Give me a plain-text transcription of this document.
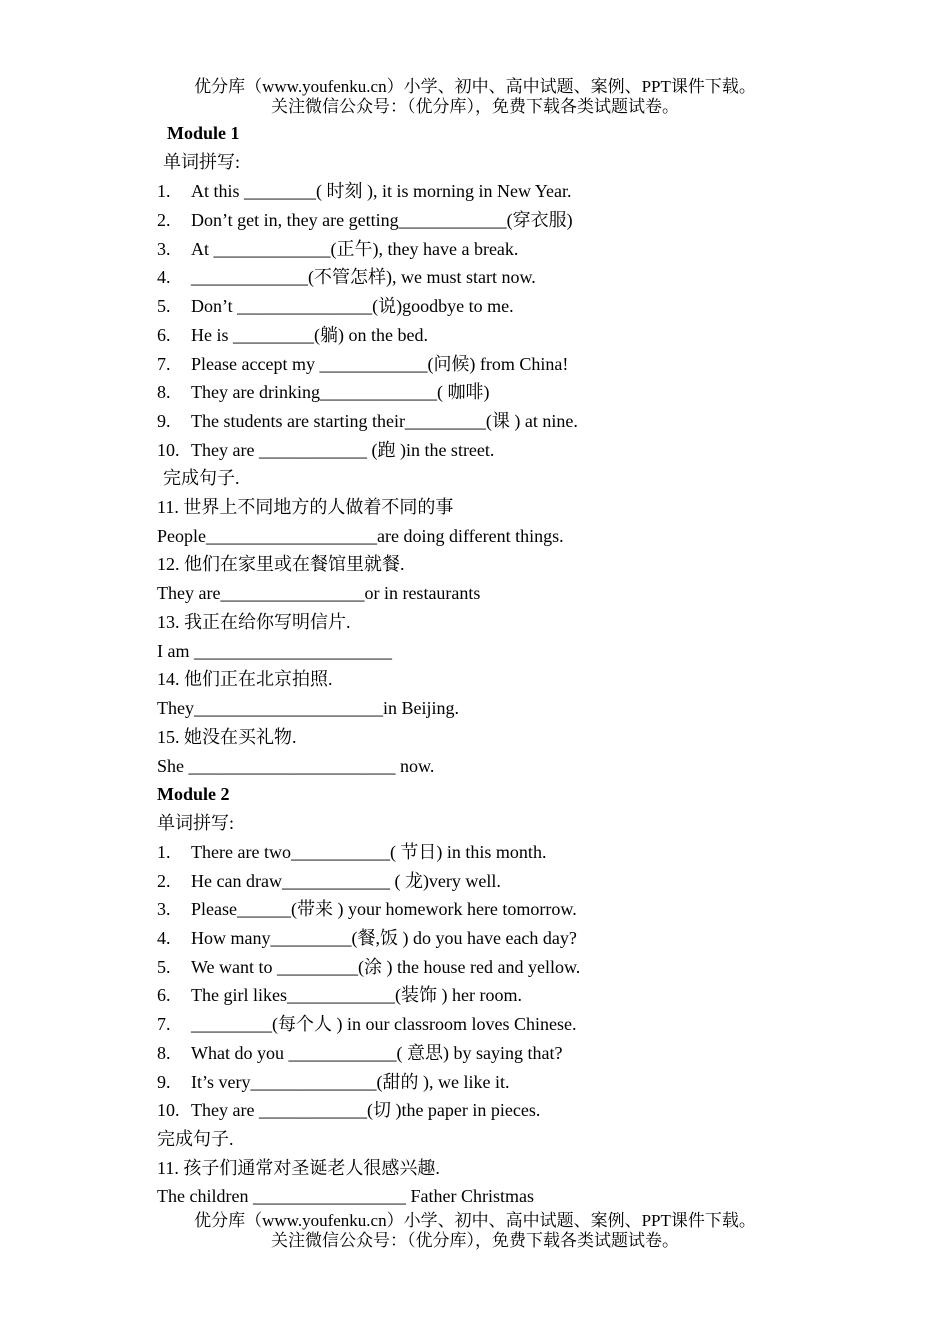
优分库（www.youfenku.cn）小学、初中、高中试题、案例、PPT课件下载。
关注微信公众号：（优分库），免费下载各类试题试卷。
Module 1
单词拼写:
1. At this ________( 时刻 ), it is morning in New Year.
2. Don’t get in, they are getting____________(穿衣服)
3. At _____________(正午), they have a break.
4. _____________(不管怎样), we must start now.
5. Don’t _______________(说)goodbye to me.
6. He is _________(躺) on the bed.
7. Please accept my ____________(问候) from China!
8. They are drinking_____________( 咖啡)
9. The students are starting their_________(课 ) at nine.
10. They are ____________ (跑 )in the street.
完成句子.
11. 世界上不同地方的人做着不同的事
People___________________are doing different things.
12. 他们在家里或在餐馆里就餐.
They are________________or in restaurants
13. 我正在给你写明信片.
I am ______________________
14. 他们正在北京拍照.
They_____________________in Beijing.
15. 她没在买礼物.
She _______________________ now.
Module 2
单词拼写:
1. There are two___________( 节日) in this month.
2. He can draw____________ ( 龙)very well.
3. Please______(带来 ) your homework here tomorrow.
4. How many_________(餐,饭 ) do you have each day?
5. We want to _________(涂 ) the house red and yellow.
6. The girl likes____________(装饰 ) her room.
7. _________(每个人 ) in our classroom loves Chinese.
8. What do you ____________( 意思) by saying that?
9. It’s very______________(甜的 ), we like it.
10. They are ____________(切 )the paper in pieces.
完成句子.
11. 孩子们通常对圣诞老人很感兴趣.
The children _________________ Father Christmas
优分库（www.youfenku.cn）小学、初中、高中试题、案例、PPT课件下载。
关注微信公众号：（优分库），免费下载各类试题试卷。
